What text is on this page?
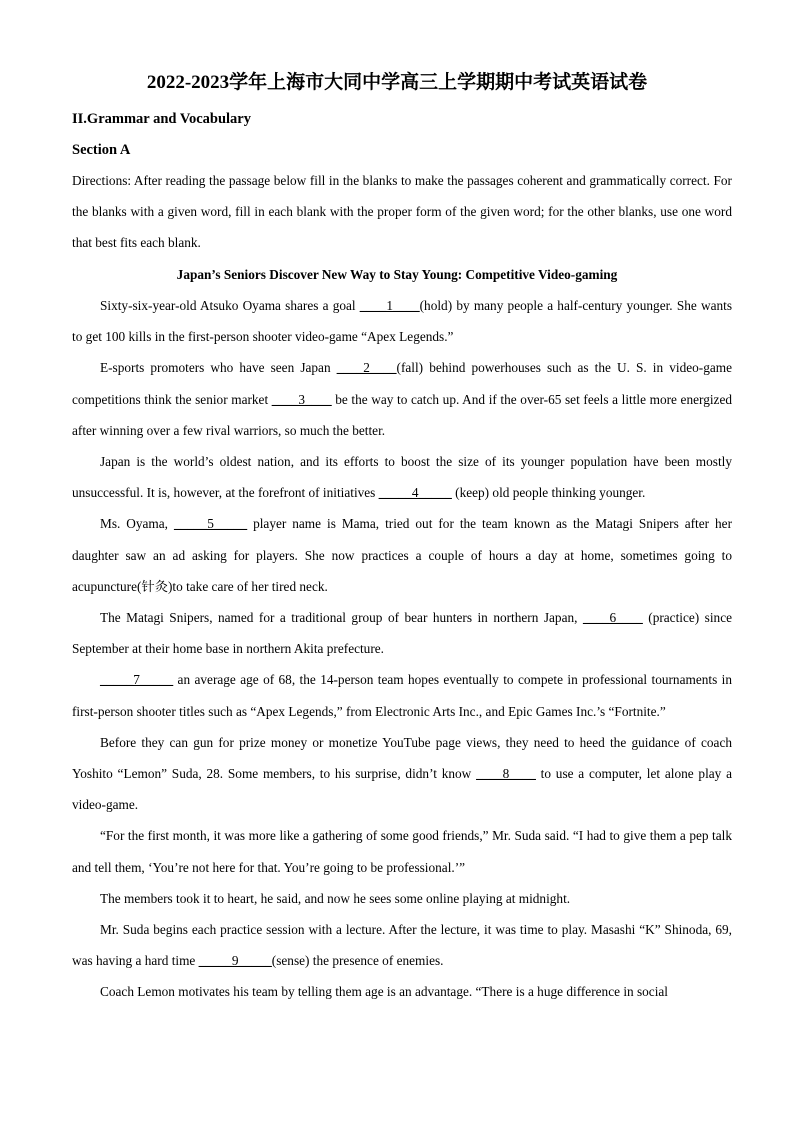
2022-2023学年上海市大同中学高三上学期期中考试英语试卷
II.Grammar and Vocabulary
Section A

Directions: After reading the passage below fill in the blanks to make the passages coherent and grammatically correct. For the blanks with a given word, fill in each blank with the proper form of the given word; for the other blanks, use one word that best fits each blank.

Japan’s Seniors Discover New Way to Stay Young: Competitive Video-gaming

Sixty-six-year-old Atsuko Oyama shares a goal ____1____(hold) by many people a half-century younger. She wants to get 100 kills in the first-person shooter video-game “Apex Legends.”

E-sports promoters who have seen Japan ____2____(fall) behind powerhouses such as the U. S. in video-game competitions think the senior market ____3____ be the way to catch up. And if the over-65 set feels a little more energized after winning over a few rival warriors, so much the better.

Japan is the world’s oldest nation, and its efforts to boost the size of its younger population have been mostly unsuccessful. It is, however, at the forefront of initiatives _____4_____ (keep) old people thinking younger.

Ms. Oyama, _____5_____ player name is Mama, tried out for the team known as the Matagi Snipers after her daughter saw an ad asking for players. She now practices a couple of hours a day at home, sometimes going to acupuncture(针灸)to take care of her tired neck.

The Matagi Snipers, named for a traditional group of bear hunters in northern Japan, ____6____ (practice) since September at their home base in northern Akita prefecture.

_____7_____ an average age of 68, the 14-person team hopes eventually to compete in professional tournaments in first-person shooter titles such as “Apex Legends,” from Electronic Arts Inc., and Epic Games Inc.’s “Fortnite.”

Before they can gun for prize money or monetize YouTube page views, they need to heed the guidance of coach Yoshito “Lemon” Suda, 28. Some members, to his surprise, didn’t know ____8____ to use a computer, let alone play a video-game.

“For the first month, it was more like a gathering of some good friends,” Mr. Suda said. “I had to give them a pep talk and tell them, ‘You’re not here for that. You’re going to be professional.’”

The members took it to heart, he said, and now he sees some online playing at midnight.

Mr. Suda begins each practice session with a lecture. After the lecture, it was time to play. Masashi “K” Shinoda, 69, was having a hard time _____9_____(sense) the presence of enemies.

Coach Lemon motivates his team by telling them age is an advantage. “There is a huge difference in social
